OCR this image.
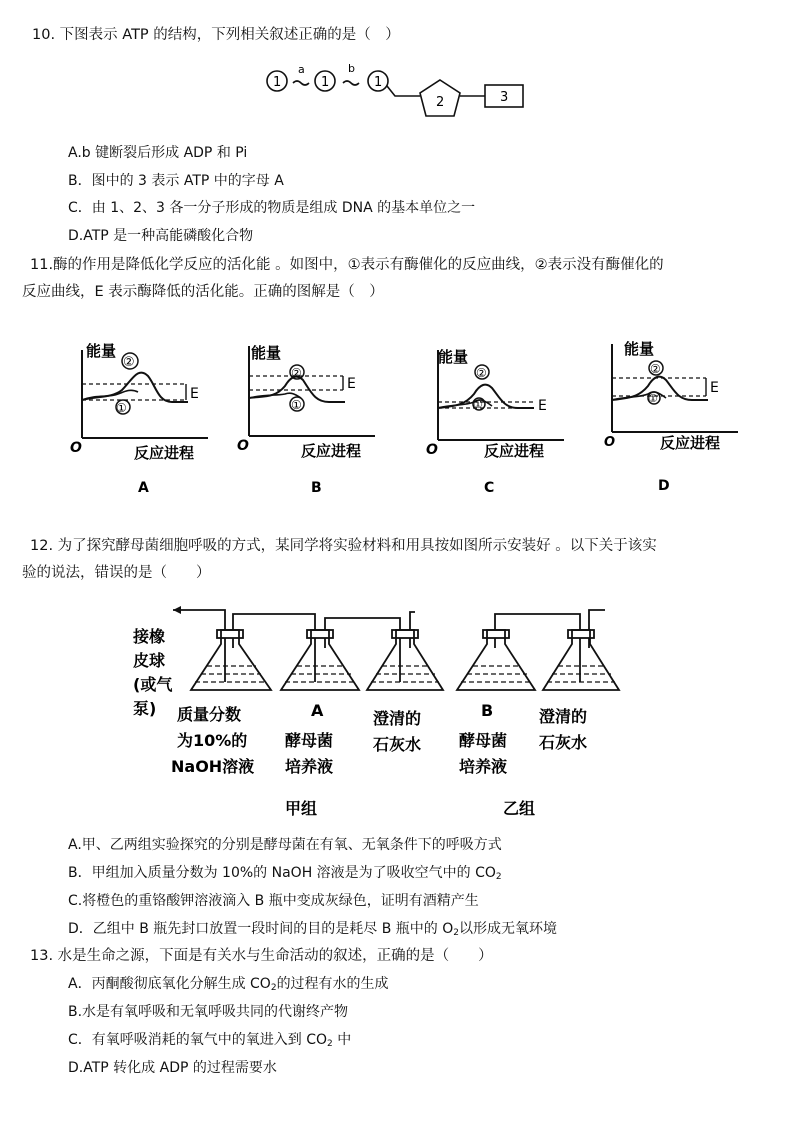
10. 下图表示 ATP 的结构，下列相关叙述正确的是（　）
1	1	1
a	b
2	3
A.b 键断裂后形成 ADP 和 Pi
B．图中的 3 表示 ATP 中的字母 A
C．由 1、2、3 各一分子形成的物质是组成 DNA 的基本单位之一
D.ATP 是一种高能磷酸化合物
11.酶的作用是降低化学反应的活化能 。如图中，①表示有酶催化的反应曲线，②表示没有酶催化的
反应曲线，E 表示酶降低的活化能。正确的图解是（　）
能量
②
①
E
O	反应进程
A
能量
②
①
E
O	反应进程
B
能量
②
①	E
O	反应进程
C
能量
②
①
E
O	反应进程
D
12. 为了探究酵母菌细胞呼吸的方式，某同学将实验材料和用具按如图所示安装好 。以下关于该实
验的说法，错误的是（　　）
接橡
皮球
(或气
泵) 质量分数
为10%的
NaOH溶液
A
酵母菌
培养液
澄清的
石灰水
B
酵母菌
培养液
澄清的
石灰水
甲组	乙组
A.甲、乙两组实验探究的分别是酵母菌在有氧、无氧条件下的呼吸方式
B．甲组加入质量分数为 10%的 NaOH 溶液是为了吸收空气中的 $CO_2$
C.将橙色的重铬酸钾溶液滴入 B 瓶中变成灰绿色，证明有酒精产生
D．乙组中 B 瓶先封口放置一段时间的目的是耗尽 B 瓶中的 $O_2$以形成无氧环境
13. 水是生命之源，下面是有关水与生命活动的叙述，正确的是（　　）
A．丙酮酸彻底氧化分解生成 $CO_2$的过程有水的生成
B.水是有氧呼吸和无氧呼吸共同的代谢终产物
C．有氧呼吸消耗的氧气中的氧进入到 $CO_2$ 中
D.ATP 转化成 ADP 的过程需要水
